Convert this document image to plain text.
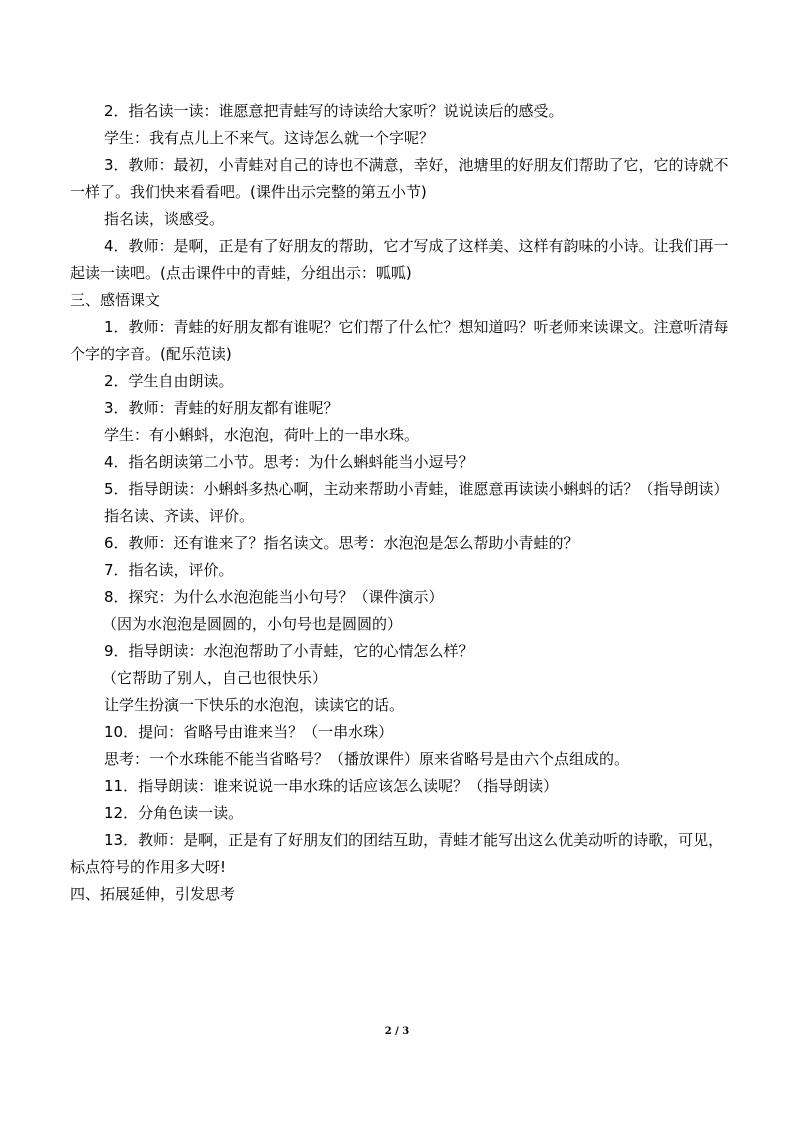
2．指名读一读：谁愿意把青蛙写的诗读给大家听？说说读后的感受。

学生：我有点儿上不来气。这诗怎么就一个字呢？

3．教师：最初，小青蛙对自己的诗也不满意，幸好，池塘里的好朋友们帮助了它，它的诗就不一样了。我们快来看看吧。(课件出示完整的第五小节)

指名读，谈感受。

4．教师：是啊，正是有了好朋友的帮助，它才写成了这样美、这样有韵味的小诗。让我们再一起读一读吧。(点击课件中的青蛙，分组出示：呱呱)

三、感悟课文

1．教师：青蛙的好朋友都有谁呢？它们帮了什么忙？想知道吗？听老师来读课文。注意听清每个字的字音。(配乐范读)

2．学生自由朗读。

3．教师：青蛙的好朋友都有谁呢？

学生：有小蝌蚪，水泡泡，荷叶上的一串水珠。

4．指名朗读第二小节。思考：为什么蝌蚪能当小逗号？

5．指导朗读：小蝌蚪多热心啊，主动来帮助小青蛙，谁愿意再读读小蝌蚪的话？（指导朗读）

指名读、齐读、评价。

6．教师：还有谁来了？指名读文。思考：水泡泡是怎么帮助小青蛙的？

7．指名读，评价。

8．探究：为什么水泡泡能当小句号？（课件演示）

（因为水泡泡是圆圆的，小句号也是圆圆的）

9．指导朗读：水泡泡帮助了小青蛙，它的心情怎么样？

（它帮助了别人，自己也很快乐）

让学生扮演一下快乐的水泡泡，读读它的话。

10．提问：省略号由谁来当？（一串水珠）

思考：一个水珠能不能当省略号？（播放课件）原来省略号是由六个点组成的。

11．指导朗读：谁来说说一串水珠的话应该怎么读呢？（指导朗读）

12．分角色读一读。

13．教师：是啊，正是有了好朋友们的团结互助，青蛙才能写出这么优美动听的诗歌，可见，标点符号的作用多大呀!

四、拓展延伸，引发思考

2 / 3
